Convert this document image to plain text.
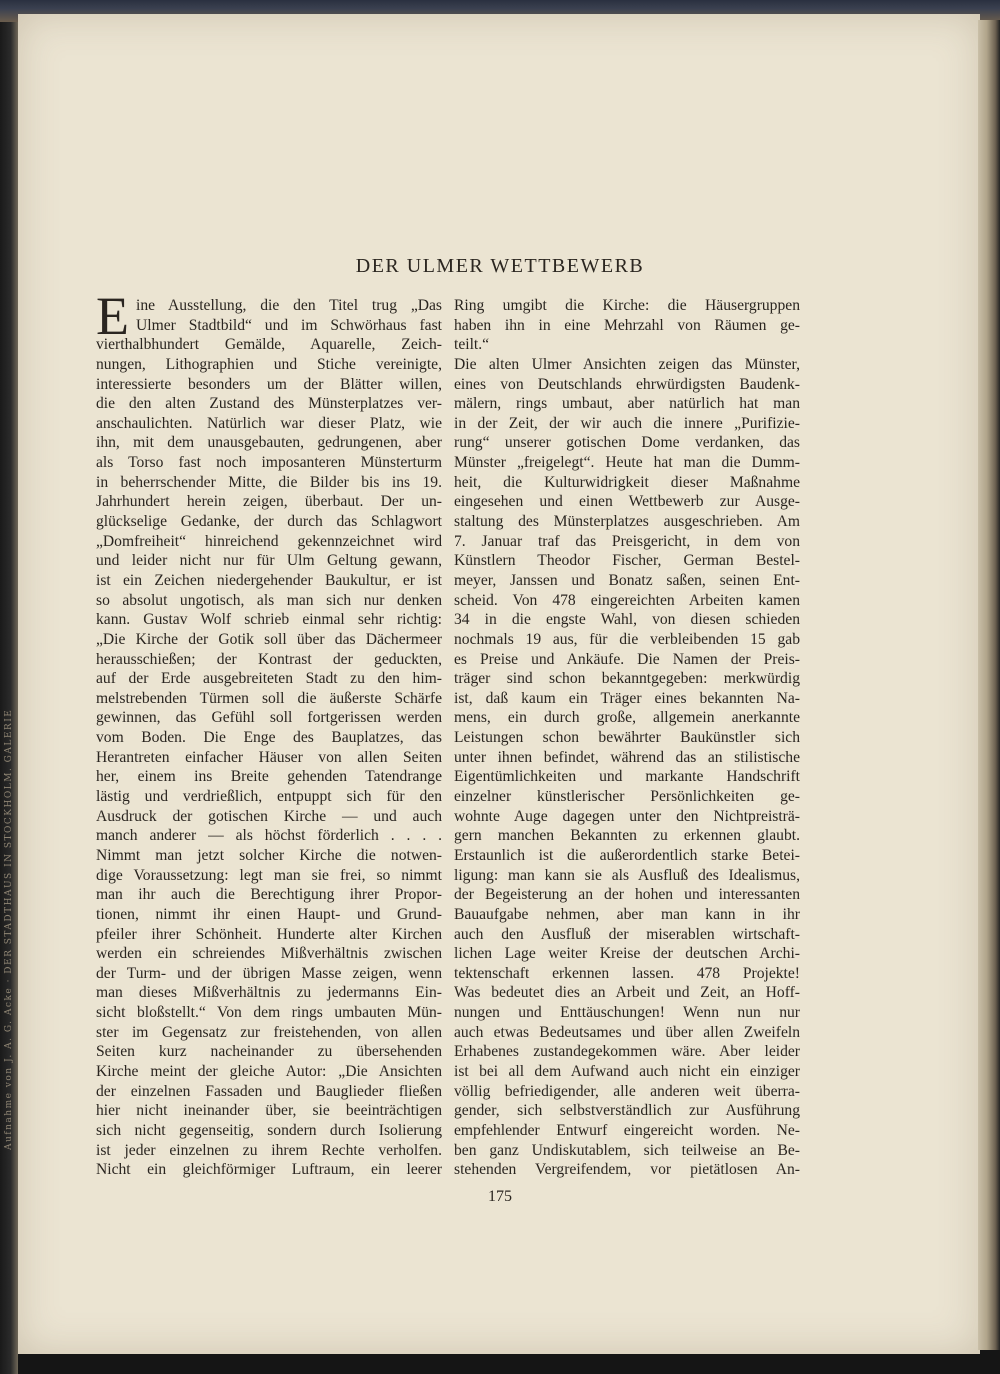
Aufnahme von J. A. G. Acke · DER STADTHAUS IN STOCKHOLM. GALERIE
DER ULMER WETTBEWERB
E ine Ausstellung, die den Titel trug „Das
Ulmer Stadtbild“ und im Schwörhaus fast
vierthalbhundert Gemälde, Aquarelle, Zeich-
nungen, Lithographien und Stiche vereinigte,
interessierte besonders um der Blätter willen,
die den alten Zustand des Münsterplatzes ver-
anschaulichten. Natürlich war dieser Platz, wie
ihn, mit dem unausgebauten, gedrungenen, aber
als Torso fast noch imposanteren Münsterturm
in beherrschender Mitte, die Bilder bis ins 19.
Jahrhundert herein zeigen, überbaut. Der un-
glückselige Gedanke, der durch das Schlagwort
„Domfreiheit“ hinreichend gekennzeichnet wird
und leider nicht nur für Ulm Geltung gewann,
ist ein Zeichen niedergehender Baukultur, er ist
so absolut ungotisch, als man sich nur denken
kann. Gustav Wolf schrieb einmal sehr richtig:
„Die Kirche der Gotik soll über das Dächermeer
herausschießen; der Kontrast der geduckten,
auf der Erde ausgebreiteten Stadt zu den him-
melstrebenden Türmen soll die äußerste Schärfe
gewinnen, das Gefühl soll fortgerissen werden
vom Boden. Die Enge des Bauplatzes, das
Herantreten einfacher Häuser von allen Seiten
her, einem ins Breite gehenden Tatendrange
lästig und verdrießlich, entpuppt sich für den
Ausdruck der gotischen Kirche — und auch
manch anderer — als höchst förderlich . . . .
Nimmt man jetzt solcher Kirche die notwen-
dige Voraussetzung: legt man sie frei, so nimmt
man ihr auch die Berechtigung ihrer Propor-
tionen, nimmt ihr einen Haupt- und Grund-
pfeiler ihrer Schönheit. Hunderte alter Kirchen
werden ein schreiendes Mißverhältnis zwischen
der Turm- und der übrigen Masse zeigen, wenn
man dieses Mißverhältnis zu jedermanns Ein-
sicht bloßstellt.“ Von dem rings umbauten Mün-
ster im Gegensatz zur freistehenden, von allen
Seiten kurz nacheinander zu übersehenden
Kirche meint der gleiche Autor: „Die Ansichten
der einzelnen Fassaden und Bauglieder fließen
hier nicht ineinander über, sie beeinträchtigen
sich nicht gegenseitig, sondern durch Isolierung
ist jeder einzelnen zu ihrem Rechte verholfen.
Nicht ein gleichförmiger Luftraum, ein leerer
Ring umgibt die Kirche: die Häusergruppen
haben ihn in eine Mehrzahl von Räumen ge-
teilt.“
Die alten Ulmer Ansichten zeigen das Münster,
eines von Deutschlands ehrwürdigsten Baudenk-
mälern, rings umbaut, aber natürlich hat man
in der Zeit, der wir auch die innere „Purifizie-
rung“ unserer gotischen Dome verdanken, das
Münster „freigelegt“. Heute hat man die Dumm-
heit, die Kulturwidrigkeit dieser Maßnahme
eingesehen und einen Wettbewerb zur Ausge-
staltung des Münsterplatzes ausgeschrieben. Am
7. Januar traf das Preisgericht, in dem von
Künstlern Theodor Fischer, German Bestel-
meyer, Janssen und Bonatz saßen, seinen Ent-
scheid. Von 478 eingereichten Arbeiten kamen
34 in die engste Wahl, von diesen schieden
nochmals 19 aus, für die verbleibenden 15 gab
es Preise und Ankäufe. Die Namen der Preis-
träger sind schon bekanntgegeben: merkwürdig
ist, daß kaum ein Träger eines bekannten Na-
mens, ein durch große, allgemein anerkannte
Leistungen schon bewährter Baukünstler sich
unter ihnen befindet, während das an stilistische
Eigentümlichkeiten und markante Handschrift
einzelner künstlerischer Persönlichkeiten ge-
wohnte Auge dagegen unter den Nichtpreisträ-
gern manchen Bekannten zu erkennen glaubt.
Erstaunlich ist die außerordentlich starke Betei-
ligung: man kann sie als Ausfluß des Idealismus,
der Begeisterung an der hohen und interessanten
Bauaufgabe nehmen, aber man kann in ihr
auch den Ausfluß der miserablen wirtschaft-
lichen Lage weiter Kreise der deutschen Archi-
tektenschaft erkennen lassen. 478 Projekte!
Was bedeutet dies an Arbeit und Zeit, an Hoff-
nungen und Enttäuschungen! Wenn nun nur
auch etwas Bedeutsames und über allen Zweifeln
Erhabenes zustandegekommen wäre. Aber leider
ist bei all dem Aufwand auch nicht ein einziger
völlig befriedigender, alle anderen weit überra-
gender, sich selbstverständlich zur Ausführung
empfehlender Entwurf eingereicht worden. Ne-
ben ganz Undiskutablem, sich teilweise an Be-
stehenden Vergreifendem, vor pietätlosen An-
175
